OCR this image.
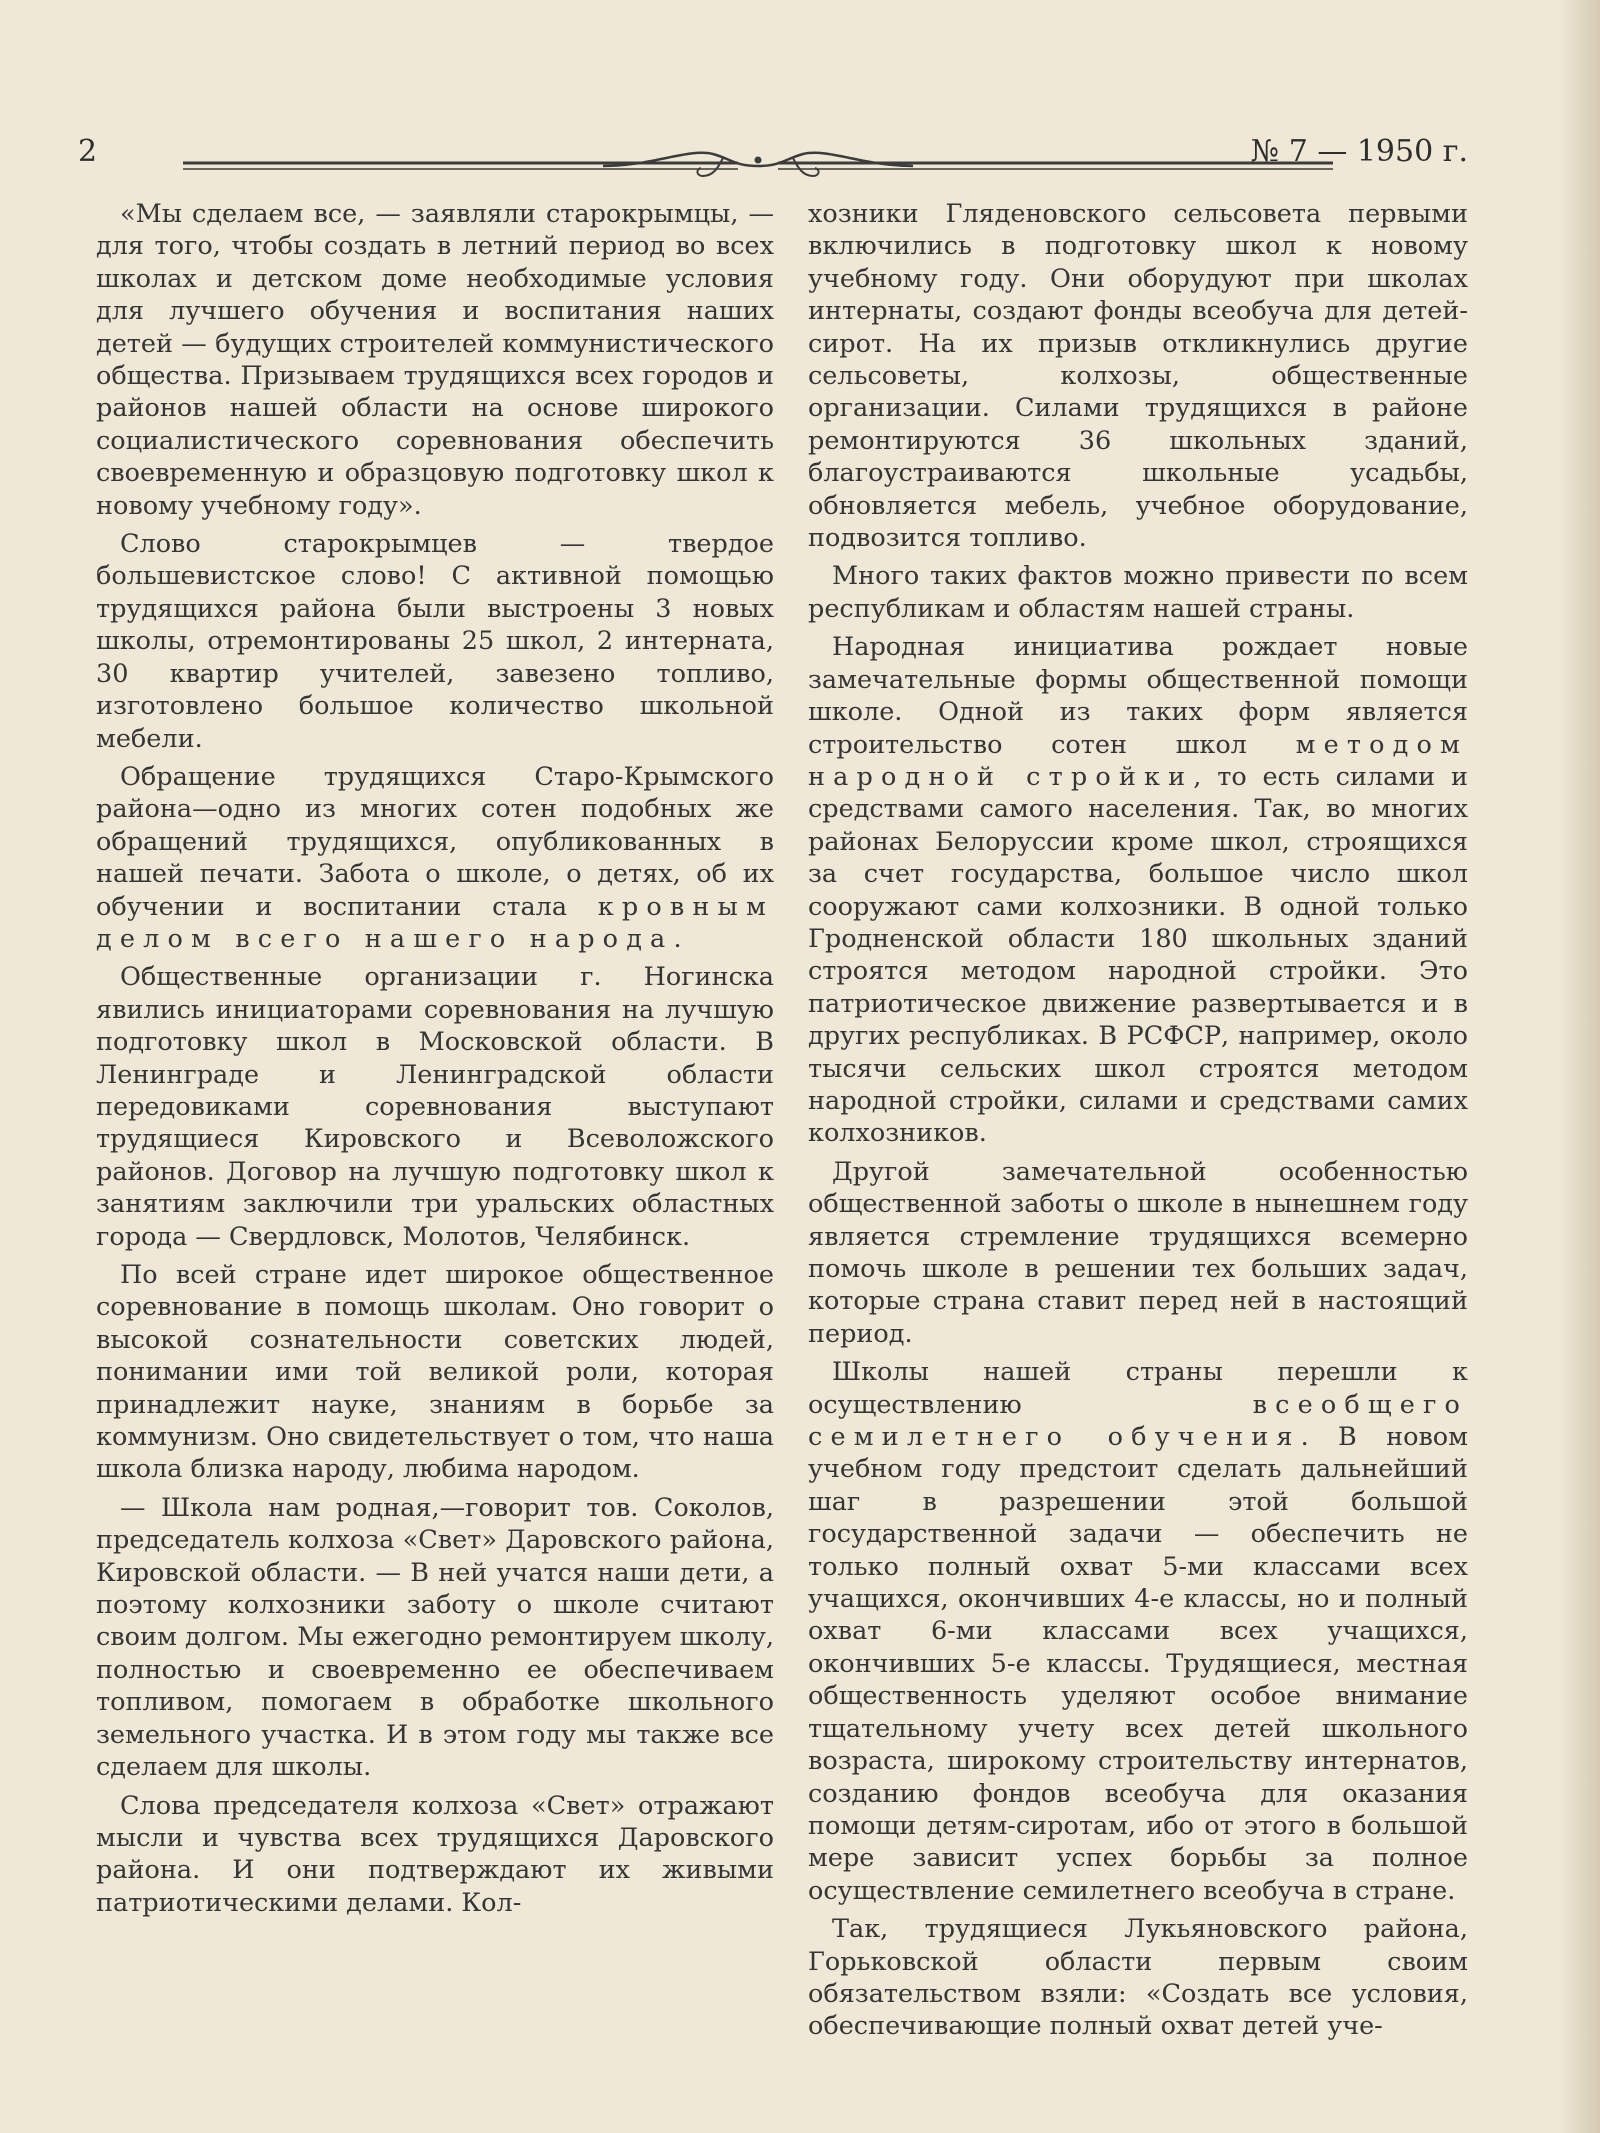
2	№ 7 — 1950 г.

«Мы сделаем все, — заявляли старокрымцы, — для того, чтобы создать в летний период во всех школах и детском доме необходимые условия для лучшего обучения и воспитания наших детей — будущих строителей коммунистического общества. Призываем трудящихся всех городов и районов нашей области на основе широкого социалистического соревнования обеспечить своевременную и образцовую подготовку школ к новому учебному году».

Слово старокрымцев — твердое большевистское слово! С активной помощью трудящихся района были выстроены 3 новых школы, отремонтированы 25 школ, 2 интерната, 30 квартир учителей, завезено топливо, изготовлено большое количество школьной мебели.

Обращение трудящихся Старо-Крымского района—одно из многих сотен подобных же обращений трудящихся, опубликованных в нашей печати. Забота о школе, о детях, об их обучении и воспитании стала кровным делом всего нашего народа.

Общественные организации г. Ногинска явились инициаторами соревнования на лучшую подготовку школ в Московской области. В Ленинграде и Ленинградской области передовиками соревнования выступают трудящиеся Кировского и Всеволожского районов. Договор на лучшую подготовку школ к занятиям заключили три уральских областных города — Свердловск, Молотов, Челябинск.

По всей стране идет широкое общественное соревнование в помощь школам. Оно говорит о высокой сознательности советских людей, понимании ими той великой роли, которая принадлежит науке, знаниям в борьбе за коммунизм. Оно свидетельствует о том, что наша школа близка народу, любима народом.

— Школа нам родная,—говорит тов. Соколов, председатель колхоза «Свет» Даровского района, Кировской области. — В ней учатся наши дети, а поэтому колхозники заботу о школе считают своим долгом. Мы ежегодно ремонтируем школу, полностью и своевременно ее обеспечиваем топливом, помогаем в обработке школьного земельного участка. И в этом году мы также все сделаем для школы.

Слова председателя колхоза «Свет» отражают мысли и чувства всех трудящихся Даровского района. И они подтверждают их живыми патриотическими делами. Кол-

хозники Гляденовского сельсовета первыми включились в подготовку школ к новому учебному году. Они оборудуют при школах интернаты, создают фонды всеобуча для детей-сирот. На их призыв откликнулись другие сельсоветы, колхозы, общественные организации. Силами трудящихся в районе ремонтируются 36 школьных зданий, благоустраиваются школьные усадьбы, обновляется мебель, учебное оборудование, подвозится топливо.

Много таких фактов можно привести по всем республикам и областям нашей страны.

Народная инициатива рождает новые замечательные формы общественной помощи школе. Одной из таких форм является строительство сотен школ методом народной стройки, то есть силами и средствами самого населения. Так, во многих районах Белоруссии кроме школ, строящихся за счет государства, большое число школ сооружают сами колхозники. В одной только Гродненской области 180 школьных зданий строятся методом народной стройки. Это патриотическое движение развертывается и в других республиках. В РСФСР, например, около тысячи сельских школ строятся методом народной стройки, силами и средствами самих колхозников.

Другой замечательной особенностью общественной заботы о школе в нынешнем году является стремление трудящихся всемерно помочь школе в решении тех больших задач, которые страна ставит перед ней в настоящий период.

Школы нашей страны перешли к осуществлению	всеобщего семилетнего обучения. В новом учебном году предстоит сделать дальнейший шаг в разрешении этой большой государственной задачи — обеспечить не только полный охват 5-ми классами всех учащихся, окончивших 4-е классы, но и полный охват 6-ми классами всех учащихся, окончивших 5-е классы. Трудящиеся, местная общественность уделяют особое внимание тщательному учету всех детей школьного возраста, широкому строительству интернатов, созданию фондов всеобуча для оказания помощи детям-сиротам, ибо от этого в большой мере зависит успех борьбы за полное осуществление семилетнего всеобуча в стране.

Так, трудящиеся Лукьяновского района, Горьковской области первым своим обязательством взяли: «Создать все условия, обеспечивающие полный охват детей уче-
